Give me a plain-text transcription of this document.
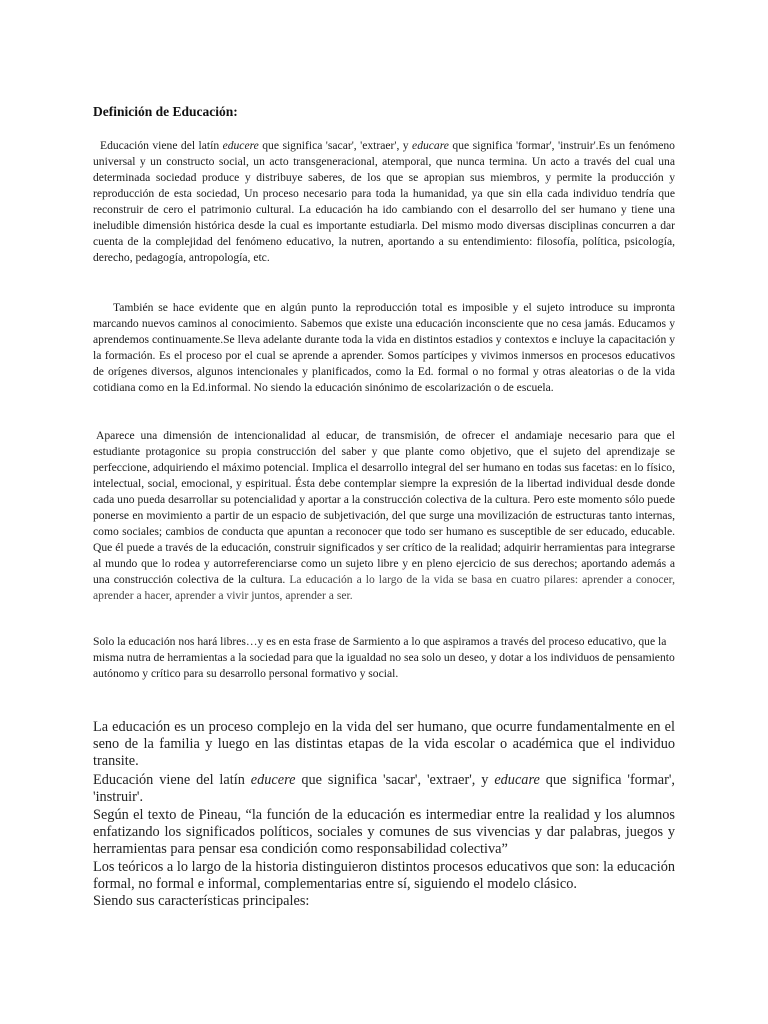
Definición de Educación:

Educación viene del latín educere que significa 'sacar', 'extraer', y educare que significa 'formar', 'instruir'.Es un fenómeno universal y un constructo social, un acto transgeneracional, atemporal, que nunca termina. Un acto a través del cual una determinada sociedad produce y distribuye saberes, de los que se apropian sus miembros, y permite la producción y reproducción de esta sociedad, Un proceso necesario para toda la humanidad, ya que sin ella cada individuo tendría que reconstruir de cero el patrimonio cultural. La educación ha ido cambiando con el desarrollo del ser humano y tiene una ineludible dimensión histórica desde la cual es importante estudiarla. Del mismo modo diversas disciplinas concurren a dar cuenta de la complejidad del fenómeno educativo, la nutren, aportando a su entendimiento: filosofía, política, psicología, derecho, pedagogía, antropología, etc.

También se hace evidente que en algún punto la reproducción total es imposible y el sujeto introduce su impronta marcando nuevos caminos al conocimiento. Sabemos que existe una educación inconsciente que no cesa jamás. Educamos y aprendemos continuamente.Se lleva adelante durante toda la vida en distintos estadios y contextos e incluye la capacitación y la formación. Es el proceso por el cual se aprende a aprender. Somos partícipes y vivimos inmersos en procesos educativos de orígenes diversos, algunos intencionales y planificados, como la Ed. formal o no formal y otras aleatorias o de la vida cotidiana como en la Ed.informal. No siendo la educación sinónimo de escolarización o de escuela.

Aparece una dimensión de intencionalidad al educar, de transmisión, de ofrecer el andamiaje necesario para que el estudiante protagonice su propia construcción del saber y que plante como objetivo, que el sujeto del aprendizaje se perfeccione, adquiriendo el máximo potencial. Implica el desarrollo integral del ser humano en todas sus facetas: en lo físico, intelectual, social, emocional, y espiritual. Ésta debe contemplar siempre la expresión de la libertad individual desde donde cada uno pueda desarrollar su potencialidad y aportar a la construcción colectiva de la cultura. Pero este momento sólo puede ponerse en movimiento a partir de un espacio de subjetivación, del que surge una movilización de estructuras tanto internas, como sociales; cambios de conducta que apuntan a reconocer que todo ser humano es susceptible de ser educado, educable. Que él puede a través de la educación, construir significados y ser crítico de la realidad; adquirir herramientas para integrarse al mundo que lo rodea y autorreferenciarse como un sujeto libre y en pleno ejercicio de sus derechos; aportando además a una construcción colectiva de la cultura. La educación a lo largo de la vida se basa en cuatro pilares: aprender a conocer, aprender a hacer, aprender a vivir juntos, aprender a ser.

Solo la educación nos hará libres…y es en esta frase de Sarmiento a lo que aspiramos a través del proceso educativo, que la misma nutra de herramientas a la sociedad para que la igualdad no sea solo un deseo, y dotar a los individuos de pensamiento autónomo y crítico para su desarrollo personal formativo y social.

La educación es un proceso complejo en la vida del ser humano, que ocurre fundamentalmente en el seno de la familia y luego en las distintas etapas de la vida escolar o académica que el individuo transite.

Educación viene del latín educere que significa 'sacar', 'extraer', y educare que significa 'formar', 'instruir'.

Según el texto de Pineau, “la función de la educación es intermediar entre la realidad y los alumnos enfatizando los significados políticos, sociales y comunes de sus vivencias y dar palabras, juegos y herramientas para pensar esa condición como responsabilidad colectiva”

Los teóricos a lo largo de la historia distinguieron distintos procesos educativos que son: la educación formal, no formal e informal, complementarias entre sí, siguiendo el modelo clásico.

Siendo sus características principales:
